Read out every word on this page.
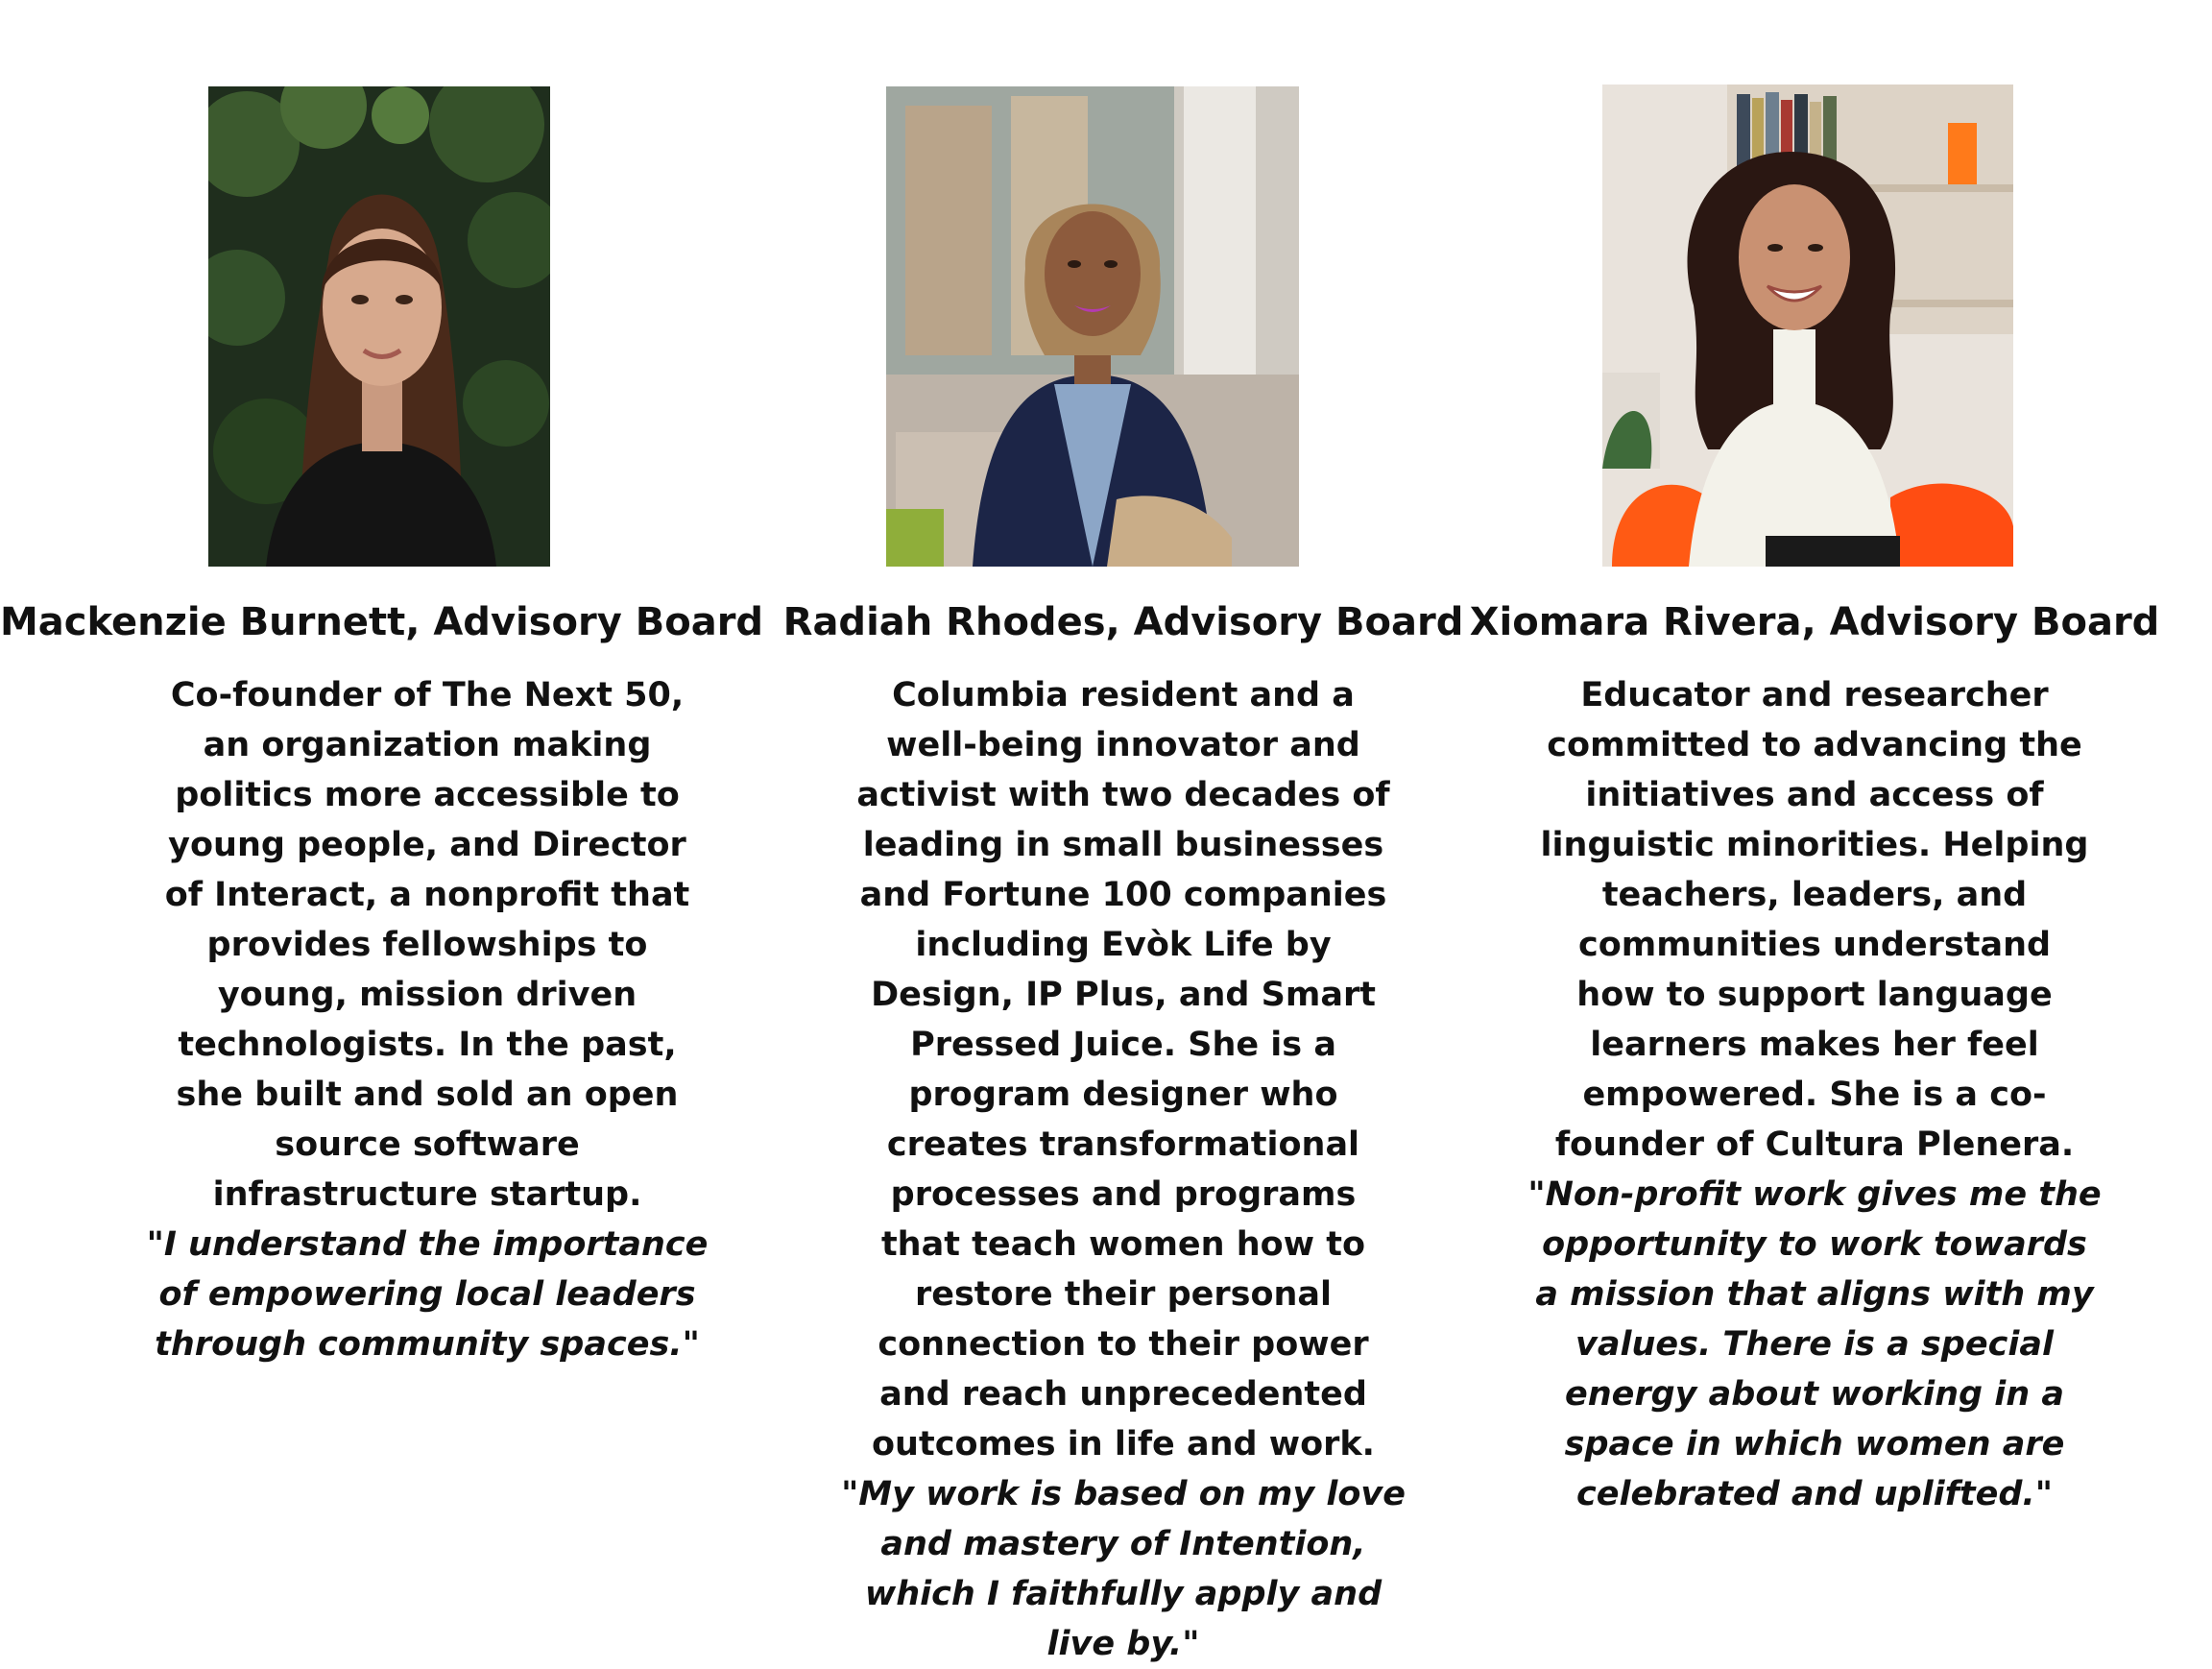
Mackenzie Burnett, Advisory Board
Co-founder of The Next 50,
an organization making
politics more accessible to
young people, and Director
of Interact, a nonprofit that
provides fellowships to
young, mission driven
technologists. In the past,
she built and sold an open
source software
infrastructure startup.
"I understand the importance
of empowering local leaders
through community spaces."
Radiah Rhodes, Advisory Board
Columbia resident and a
well-being innovator and
activist with two decades of
leading in small businesses
and Fortune 100 companies
including Evòk Life by
Design, IP Plus, and Smart
Pressed Juice. She is a
program designer who
creates transformational
processes and programs
that teach women how to
restore their personal
connection to their power
and reach unprecedented
outcomes in life and work.
"My work is based on my love
and mastery of Intention,
which I faithfully apply and
live by."
Xiomara Rivera, Advisory Board
Educator and researcher
committed to advancing the
initiatives and access of
linguistic minorities. Helping
teachers, leaders, and
communities understand
how to support language
learners makes her feel
empowered. She is a co-
founder of Cultura Plenera.
"Non-profit work gives me the
opportunity to work towards
a mission that aligns with my
values. There is a special
energy about working in a
space in which women are
celebrated and uplifted."
